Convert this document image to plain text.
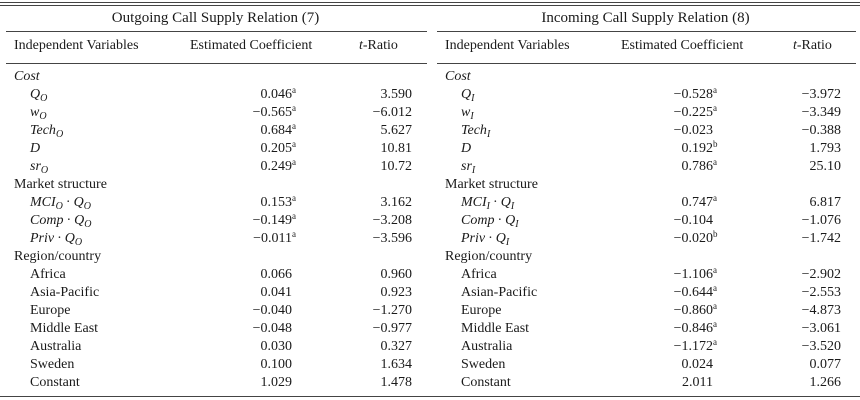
Outgoing Call Supply Relation (7)
Independent Variables	Estimated Coefficient	t-Ratio
Cost
$Q_O$	0.046$^a$	3.590
$w_O$	−0.565$^a$	−6.012
Tech$_O$	0.684$^a$	5.627
D	0.205$^a$	10.81
$sr_O$	0.249$^a$	10.72
Market structure
$MCI_O \cdot Q_O$	0.153$^a$	3.162
Comp · $Q_O$	−0.149$^a$	−3.208
Priv · $Q_O$	−0.011$^a$	−3.596
Region/country
Africa	0.066	0.960
Asia-Pacific	0.041	0.923
Europe	−0.040	−1.270
Middle East	−0.048	−0.977
Australia	0.030	0.327
Sweden	0.100	1.634
Constant	1.029	1.478
Incoming Call Supply Relation (8)
Independent Variables	Estimated Coefficient	t-Ratio
Cost
$Q_I$	−0.528$^a$	−3.972
$w_I$	−0.225$^a$	−3.349
Tech$_I$	−0.023	−0.388
D	0.192$^b$	1.793
$sr_I$	0.786$^a$	25.10
Market structure
$MCI_I \cdot Q_I$	0.747$^a$	6.817
Comp · $Q_I$	−0.104	−1.076
Priv · $Q_I$	−0.020$^b$	−1.742
Region/country
Africa	−1.106$^a$	−2.902
Asian-Pacific	−0.644$^a$	−2.553
Europe	−0.860$^a$	−4.873
Middle East	−0.846$^a$	−3.061
Australia	−1.172$^a$	−3.520
Sweden	0.024	0.077
Constant	2.011	1.266
